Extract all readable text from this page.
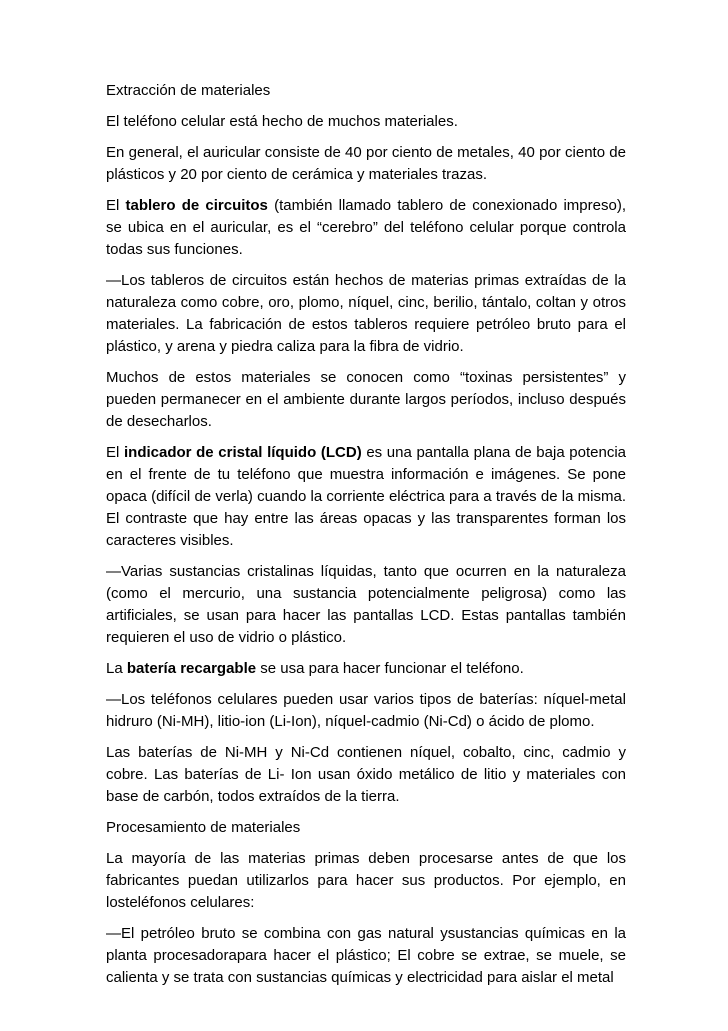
Extracción de materiales

El teléfono celular está hecho de muchos materiales.

En general, el auricular consiste de 40 por ciento de metales, 40 por ciento de plásticos y 20 por ciento de cerámica y materiales trazas.

El tablero de circuitos (también llamado tablero de conexionado impreso), se ubica en el auricular, es el “cerebro” del teléfono celular porque controla todas sus funciones.

—Los tableros de circuitos están hechos de materias primas extraídas de la naturaleza como cobre, oro, plomo, níquel, cinc, berilio, tántalo, coltan y otros materiales. La fabricación de estos tableros requiere petróleo bruto para el plástico, y arena y piedra caliza para la fibra de vidrio.

Muchos de estos materiales se conocen como “toxinas persistentes” y pueden permanecer en el ambiente durante largos períodos, incluso después de desecharlos.

El indicador de cristal líquido (LCD) es una pantalla plana de baja potencia en el frente de tu teléfono que muestra información e imágenes. Se pone opaca (difícil de verla) cuando la corriente eléctrica para a través de la misma. El contraste que hay entre las áreas opacas y las transparentes forman los caracteres visibles.

—Varias sustancias cristalinas líquidas, tanto que ocurren en la naturaleza (como el mercurio, una sustancia potencialmente peligrosa) como las artificiales, se usan para hacer las pantallas LCD. Estas pantallas también requieren el uso de vidrio o plástico.

La batería recargable se usa para hacer funcionar el teléfono.

—Los teléfonos celulares pueden usar varios tipos de baterías: níquel-metal hidruro (Ni-MH), litio-ion (Li-Ion), níquel-cadmio (Ni-Cd) o ácido de plomo.

Las baterías de Ni-MH y Ni-Cd contienen níquel, cobalto, cinc, cadmio y cobre. Las baterías de Li- Ion usan óxido metálico de litio y materiales con base de carbón, todos extraídos de la tierra.

Procesamiento de materiales

La mayoría de las materias primas deben procesarse antes de que los fabricantes puedan utilizarlos para hacer sus productos. Por ejemplo, en losteléfonos celulares:

—El petróleo bruto se combina con gas natural ysustancias químicas en la planta procesadorapara hacer el plástico; El cobre se extrae, se muele, se calienta y se trata con sustancias químicas y electricidad para aislar el metal
